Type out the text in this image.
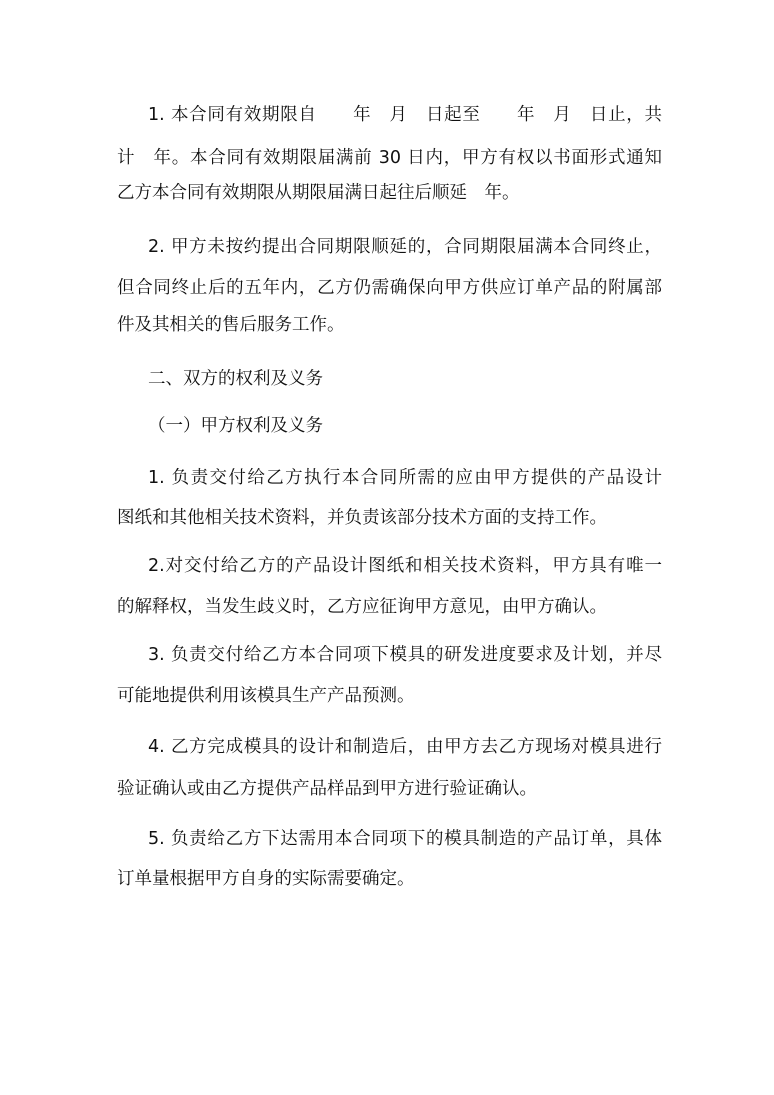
1. 本合同有效期限自　　年　月　日起至　　年　月　日止，共
计　年。本合同有效期限届满前 30 日内，甲方有权以书面形式通知
乙方本合同有效期限从期限届满日起往后顺延　年。
2. 甲方未按约提出合同期限顺延的，合同期限届满本合同终止，
但合同终止后的五年内，乙方仍需确保向甲方供应订单产品的附属部
件及其相关的售后服务工作。
二、双方的权利及义务
（一）甲方权利及义务
1. 负责交付给乙方执行本合同所需的应由甲方提供的产品设计
图纸和其他相关技术资料，并负责该部分技术方面的支持工作。
2.对交付给乙方的产品设计图纸和相关技术资料，甲方具有唯一
的解释权，当发生歧义时，乙方应征询甲方意见，由甲方确认。
3. 负责交付给乙方本合同项下模具的研发进度要求及计划，并尽
可能地提供利用该模具生产产品预测。
4. 乙方完成模具的设计和制造后，由甲方去乙方现场对模具进行
验证确认或由乙方提供产品样品到甲方进行验证确认。
5. 负责给乙方下达需用本合同项下的模具制造的产品订单，具体
订单量根据甲方自身的实际需要确定。
